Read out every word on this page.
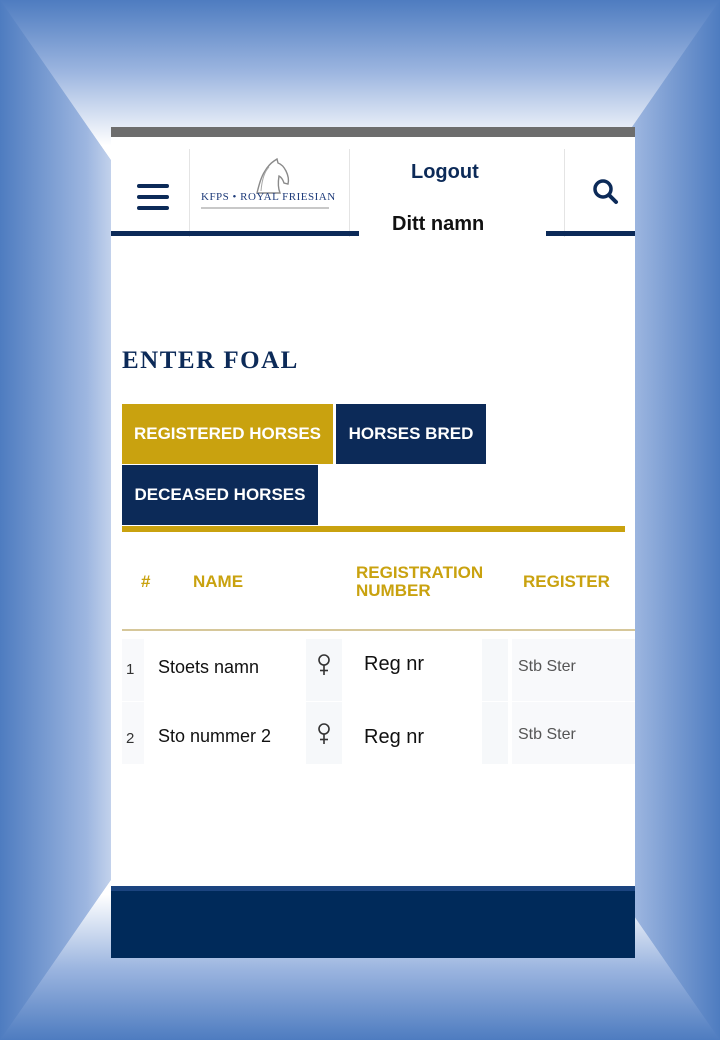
KFPS • ROYAL FRIESIAN
Logout
Ditt namn
ENTER FOAL
REGISTERED HORSES	HORSES BRED
DECEASED HORSES
#	NAME	REGISTRATION NUMBER	REGISTER
1 Stoets namn	Reg nr	Stb Ster
2 Sto nummer 2	Reg nr	Stb Ster
